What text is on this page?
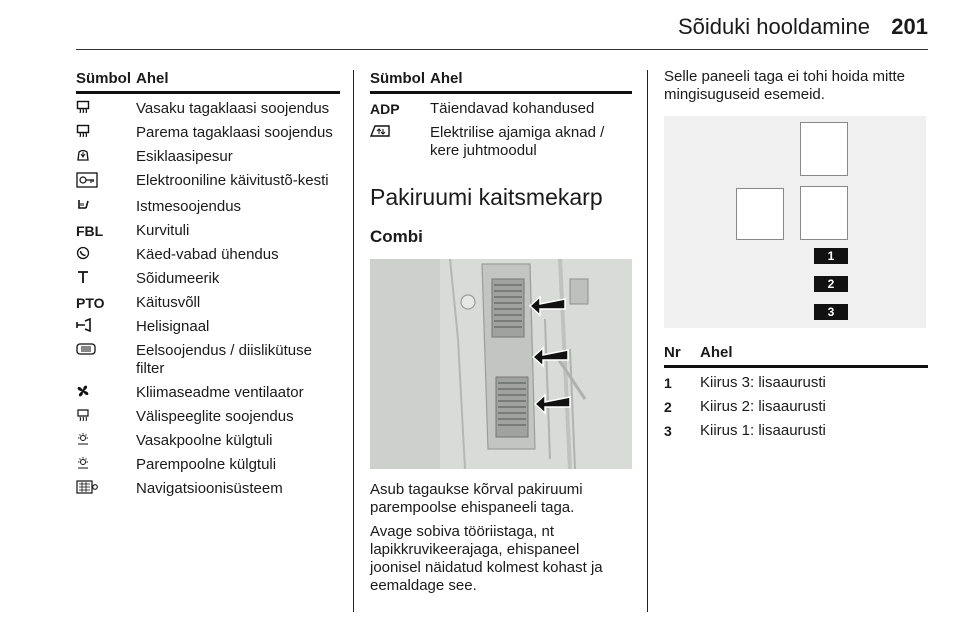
Sõiduki hooldamine 201
Sümbol Ahel
Vasaku tagaklaasi soojendus
Parema tagaklaasi soojendus
Esiklaasipesur
Elektrooniline käivitustõ-kesti
Istmesoojendus
FBL	Kurvituli
Käed-vabad ühendus
Sõidumeerik
PTO	Käitusvõll
Helisignaal
Eelsoojendus / diislikütuse filter
Kliimaseadme ventilaator
Välispeeglite soojendus
Vasakpoolne külgtuli
Parempoolne külgtuli
Navigatsioonisüsteem
Sümbol Ahel
ADP	Täiendavad kohandused
Elektrilise ajamiga aknad / kere juhtmoodul
Pakiruumi kaitsmekarp
Combi

Asub tagaukse kõrval pakiruumi parempoolse ehispaneeli taga.

Avage sobiva tööriistaga, nt lapikkruvikeerajaga, ehispaneel joonisel näidatud kolmest kohast ja eemaldage see.

Selle paneeli taga ei tohi hoida mitte mingisuguseid esemeid.

1
2
3
Nr	Ahel
1	Kiirus 3: lisaaurusti
2	Kiirus 2: lisaaurusti
3	Kiirus 1: lisaaurusti
